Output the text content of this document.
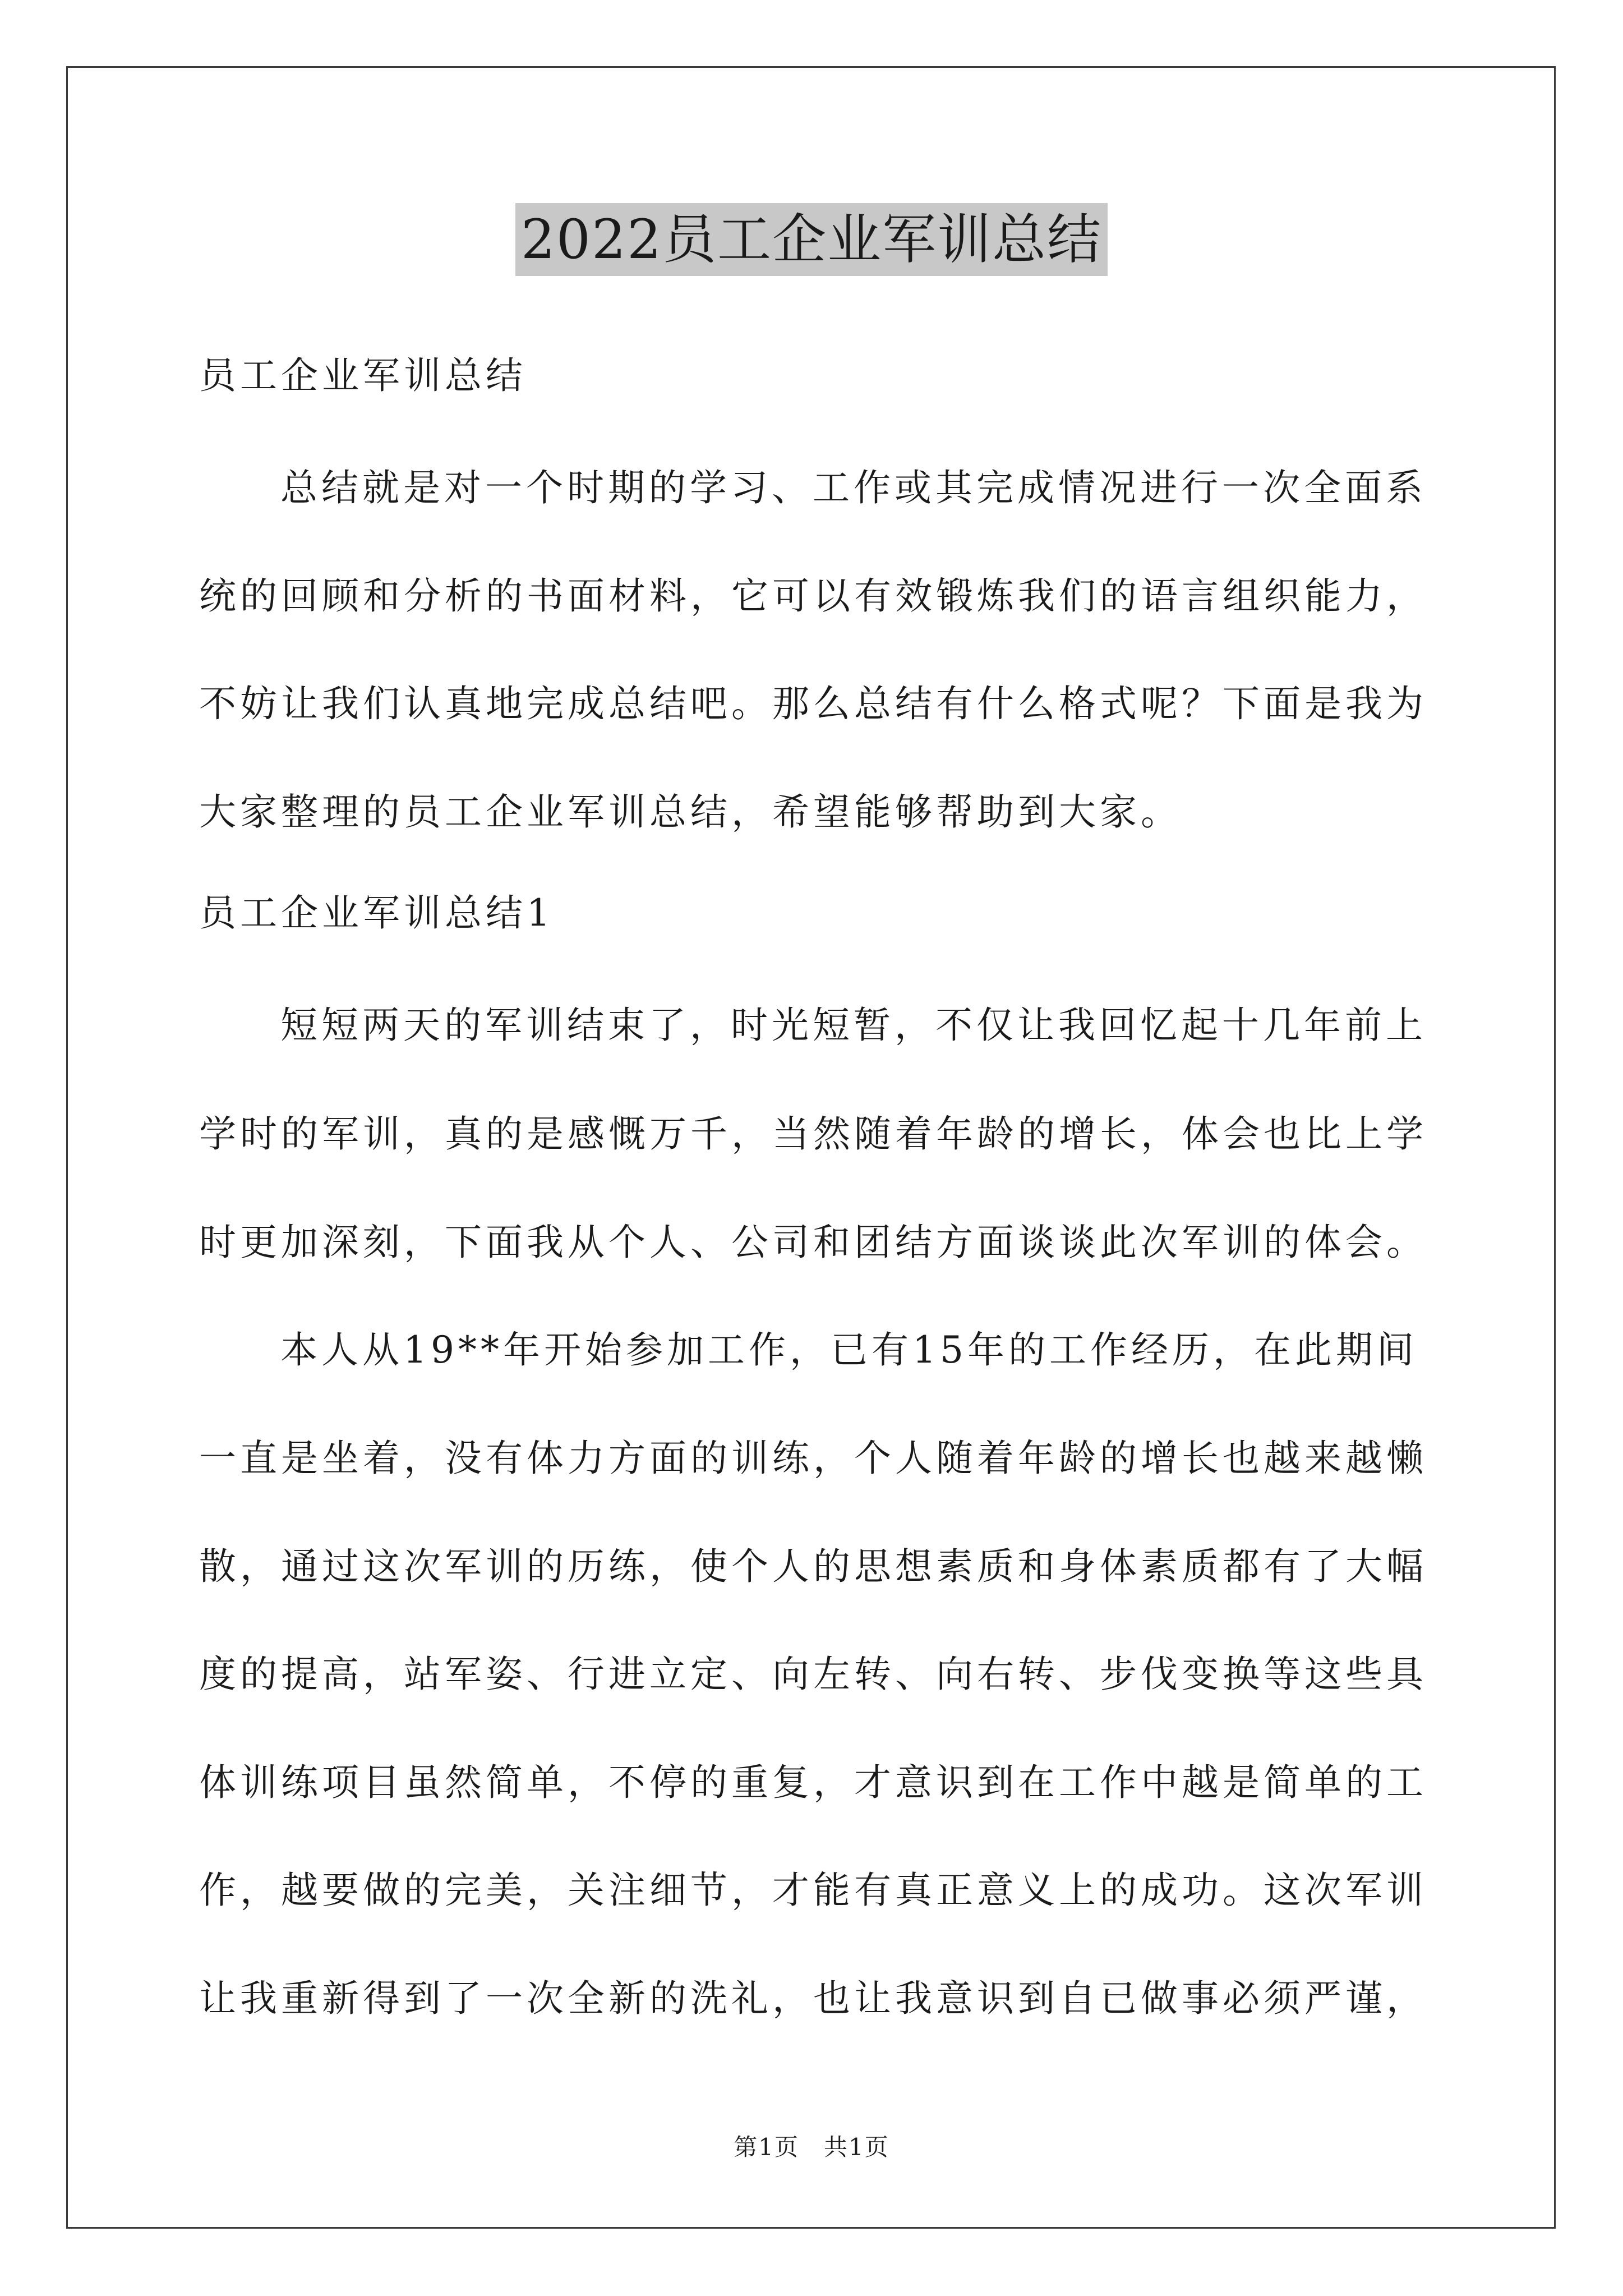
2022员工企业军训总结
员工企业军训总结
总结就是对一个时期的学习、工作或其完成情况进行一次全面系
统的回顾和分析的书面材料，它可以有效锻炼我们的语言组织能力，
不妨让我们认真地完成总结吧。那么总结有什么格式呢？下面是我为
大家整理的员工企业军训总结，希望能够帮助到大家。
员工企业军训总结1
短短两天的军训结束了，时光短暂，不仅让我回忆起十几年前上
学时的军训，真的是感慨万千，当然随着年龄的增长，体会也比上学
时更加深刻，下面我从个人、公司和团结方面谈谈此次军训的体会。
本人从19**年开始参加工作，已有15年的工作经历，在此期间
一直是坐着，没有体力方面的训练，个人随着年龄的增长也越来越懒
散，通过这次军训的历练，使个人的思想素质和身体素质都有了大幅
度的提高，站军姿、行进立定、向左转、向右转、步伐变换等这些具
体训练项目虽然简单，不停的重复，才意识到在工作中越是简单的工
作，越要做的完美，关注细节，才能有真正意义上的成功。这次军训
让我重新得到了一次全新的洗礼，也让我意识到自已做事必须严谨，
第1页　共1页
